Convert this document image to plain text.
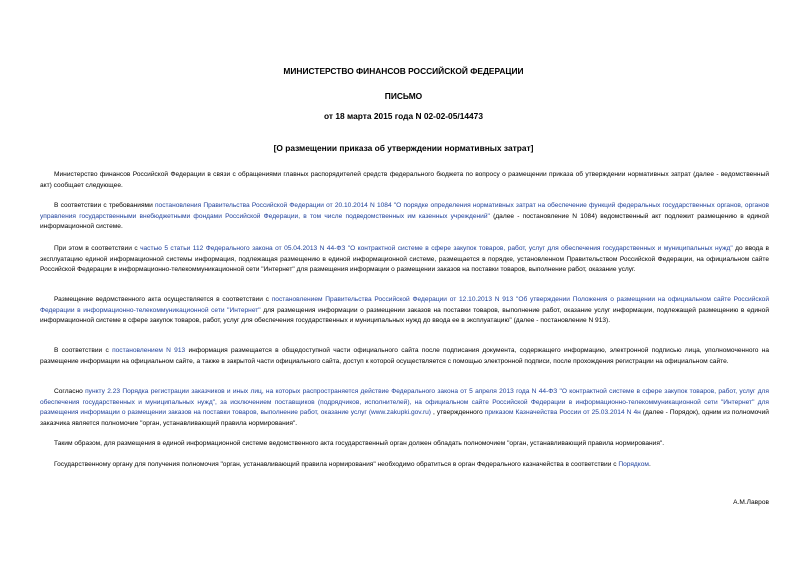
МИНИСТЕРСТВО ФИНАНСОВ РОССИЙСКОЙ ФЕДЕРАЦИИ
ПИСЬМО
от 18 марта 2015 года N 02-02-05/14473
[О размещении приказа об утверждении нормативных затрат]
Министерство финансов Российской Федерации в связи с обращениями главных распорядителей средств федерального бюджета по вопросу о размещении приказа об утверждении нормативных затрат (далее - ведомственный акт) сообщает следующее.
В соответствии с требованиями постановления Правительства Российской Федерации от 20.10.2014 N 1084 "О порядке определения нормативных затрат на обеспечение функций федеральных государственных органов, органов управления государственными внебюджетными фондами Российской Федерации, в том числе подведомственных им казенных учреждений" (далее - постановление N 1084) ведомственный акт подлежит размещению в единой информационной системе.
При этом в соответствии с частью 5 статьи 112 Федерального закона от 05.04.2013 N 44-ФЗ "О контрактной системе в сфере закупок товаров, работ, услуг для обеспечения государственных и муниципальных нужд" до ввода в эксплуатацию единой информационной системы информация, подлежащая размещению в единой информационной системе, размещается в порядке, установленном Правительством Российской Федерации, на официальном сайте Российской Федерации в информационно-телекоммуникационной сети "Интернет" для размещения информации о размещении заказов на поставки товаров, выполнение работ, оказание услуг.
Размещение ведомственного акта осуществляется в соответствии с постановлением Правительства Российской Федерации от 12.10.2013 N 913 "Об утверждении Положения о размещении на официальном сайте Российской Федерации в информационно-телекоммуникационной сети "Интернет" для размещения информации о размещении заказов на поставки товаров, выполнение работ, оказание услуг информации, подлежащей размещению в единой информационной системе в сфере закупок товаров, работ, услуг для обеспечения государственных и муниципальных нужд до ввода ее в эксплуатацию" (далее - постановление N 913).
В соответствии с постановлением N 913 информация размещается в общедоступной части официального сайта после подписания документа, содержащего информацию, электронной подписью лица, уполномоченного на размещение информации на официальном сайте, а также в закрытой части официального сайта, доступ к которой осуществляется с помощью электронной подписи, после прохождения регистрации на официальном сайте.
Согласно пункту 2.23 Порядка регистрации заказчиков и иных лиц, на которых распространяется действие Федерального закона от 5 апреля 2013 года N 44-ФЗ "О контрактной системе в сфере закупок товаров, работ, услуг для обеспечения государственных и муниципальных нужд", за исключением поставщиков (подрядчиков, исполнителей), на официальном сайте Российской Федерации в информационно-телекоммуникационной сети "Интернет" для размещения информации о размещении заказов на поставки товаров, выполнение работ, оказание услуг (www.zakupki.gov.ru) , утвержденного приказом Казначейства России от 25.03.2014 N 4н (далее - Порядок), одним из полномочий заказчика является полномочие "орган, устанавливающий правила нормирования".
Таким образом, для размещения в единой информационной системе ведомственного акта государственный орган должен обладать полномочием "орган, устанавливающий правила нормирования".
Государственному органу для получения полномочия "орган, устанавливающий правила нормирования" необходимо обратиться в орган Федерального казначейства в соответствии с Порядком.
А.М.Лавров
